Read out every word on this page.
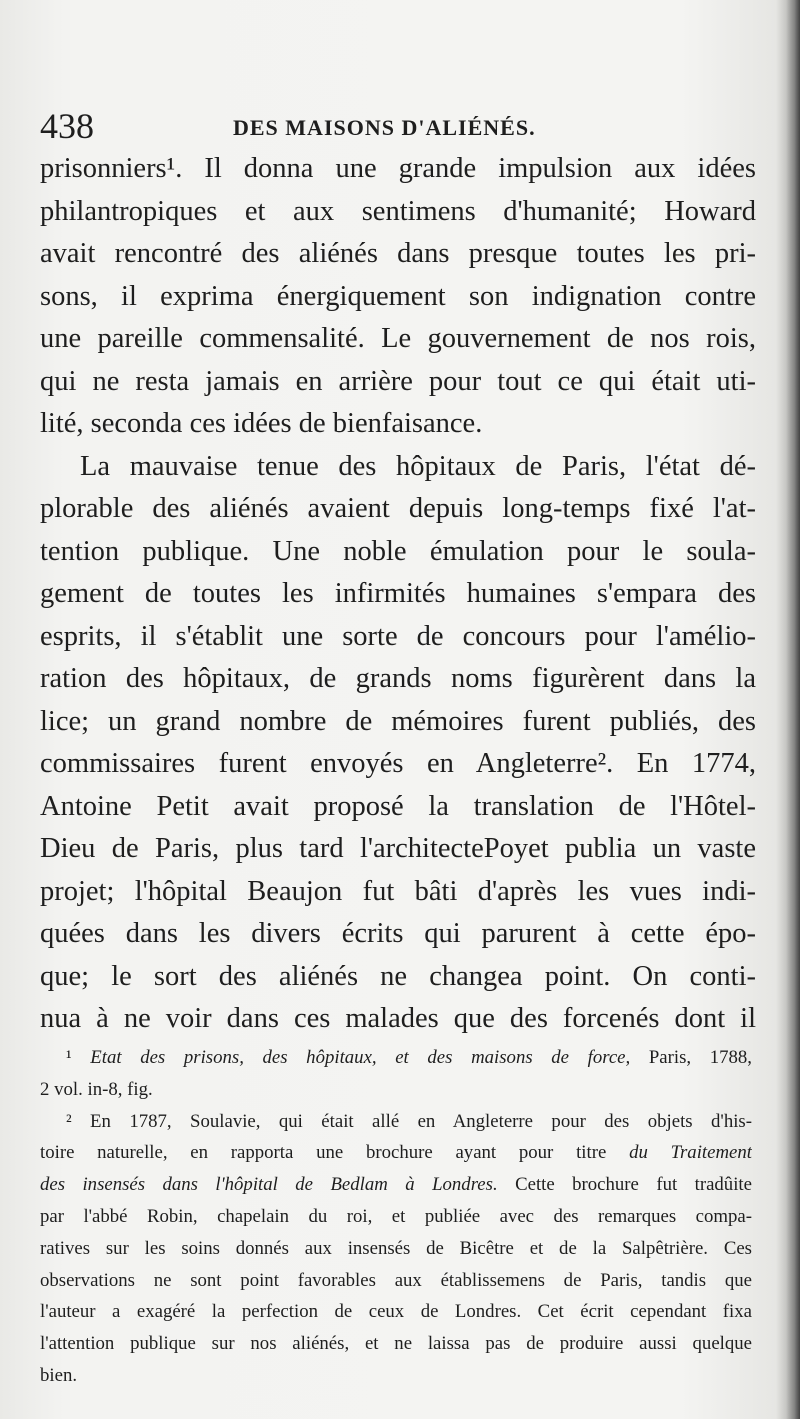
438	DES MAISONS D'ALIÉNÉS.
prisonniers¹. Il donna une grande impulsion aux idées
philantropiques et aux sentimens d'humanité; Howard
avait rencontré des aliénés dans presque toutes les pri-
sons, il exprima énergiquement son indignation contre
une pareille commensalité. Le gouvernement de nos rois,
qui ne resta jamais en arrière pour tout ce qui était uti-
lité, seconda ces idées de bienfaisance.
La mauvaise tenue des hôpitaux de Paris, l'état dé-
plorable des aliénés avaient depuis long-temps fixé l'at-
tention publique. Une noble émulation pour le soula-
gement de toutes les infirmités humaines s'empara des
esprits, il s'établit une sorte de concours pour l'amélio-
ration des hôpitaux, de grands noms figurèrent dans la
lice; un grand nombre de mémoires furent publiés, des
commissaires furent envoyés en Angleterre². En 1774,
Antoine Petit avait proposé la translation de l'Hôtel-
Dieu de Paris, plus tard l'architectePoyet publia un vaste
projet; l'hôpital Beaujon fut bâti d'après les vues indi-
quées dans les divers écrits qui parurent à cette épo-
que; le sort des aliénés ne changea point. On conti-
nua à ne voir dans ces malades que des forcenés dont il
¹ Etat des prisons, des hôpitaux, et des maisons de force, Paris, 1788,
2 vol. in-8, fig.
² En 1787, Soulavie, qui était allé en Angleterre pour des objets d'his-
toire naturelle, en rapporta une brochure ayant pour titre du Traitement
des insensés dans l'hôpital de Bedlam à Londres. Cette brochure fut tradûite
par l'abbé Robin, chapelain du roi, et publiée avec des remarques compa-
ratives sur les soins donnés aux insensés de Bicêtre et de la Salpêtrière. Ces
observations ne sont point favorables aux établissemens de Paris, tandis que
l'auteur a exagéré la perfection de ceux de Londres. Cet écrit cependant fixa
l'attention publique sur nos aliénés, et ne laissa pas de produire aussi quelque
bien.
